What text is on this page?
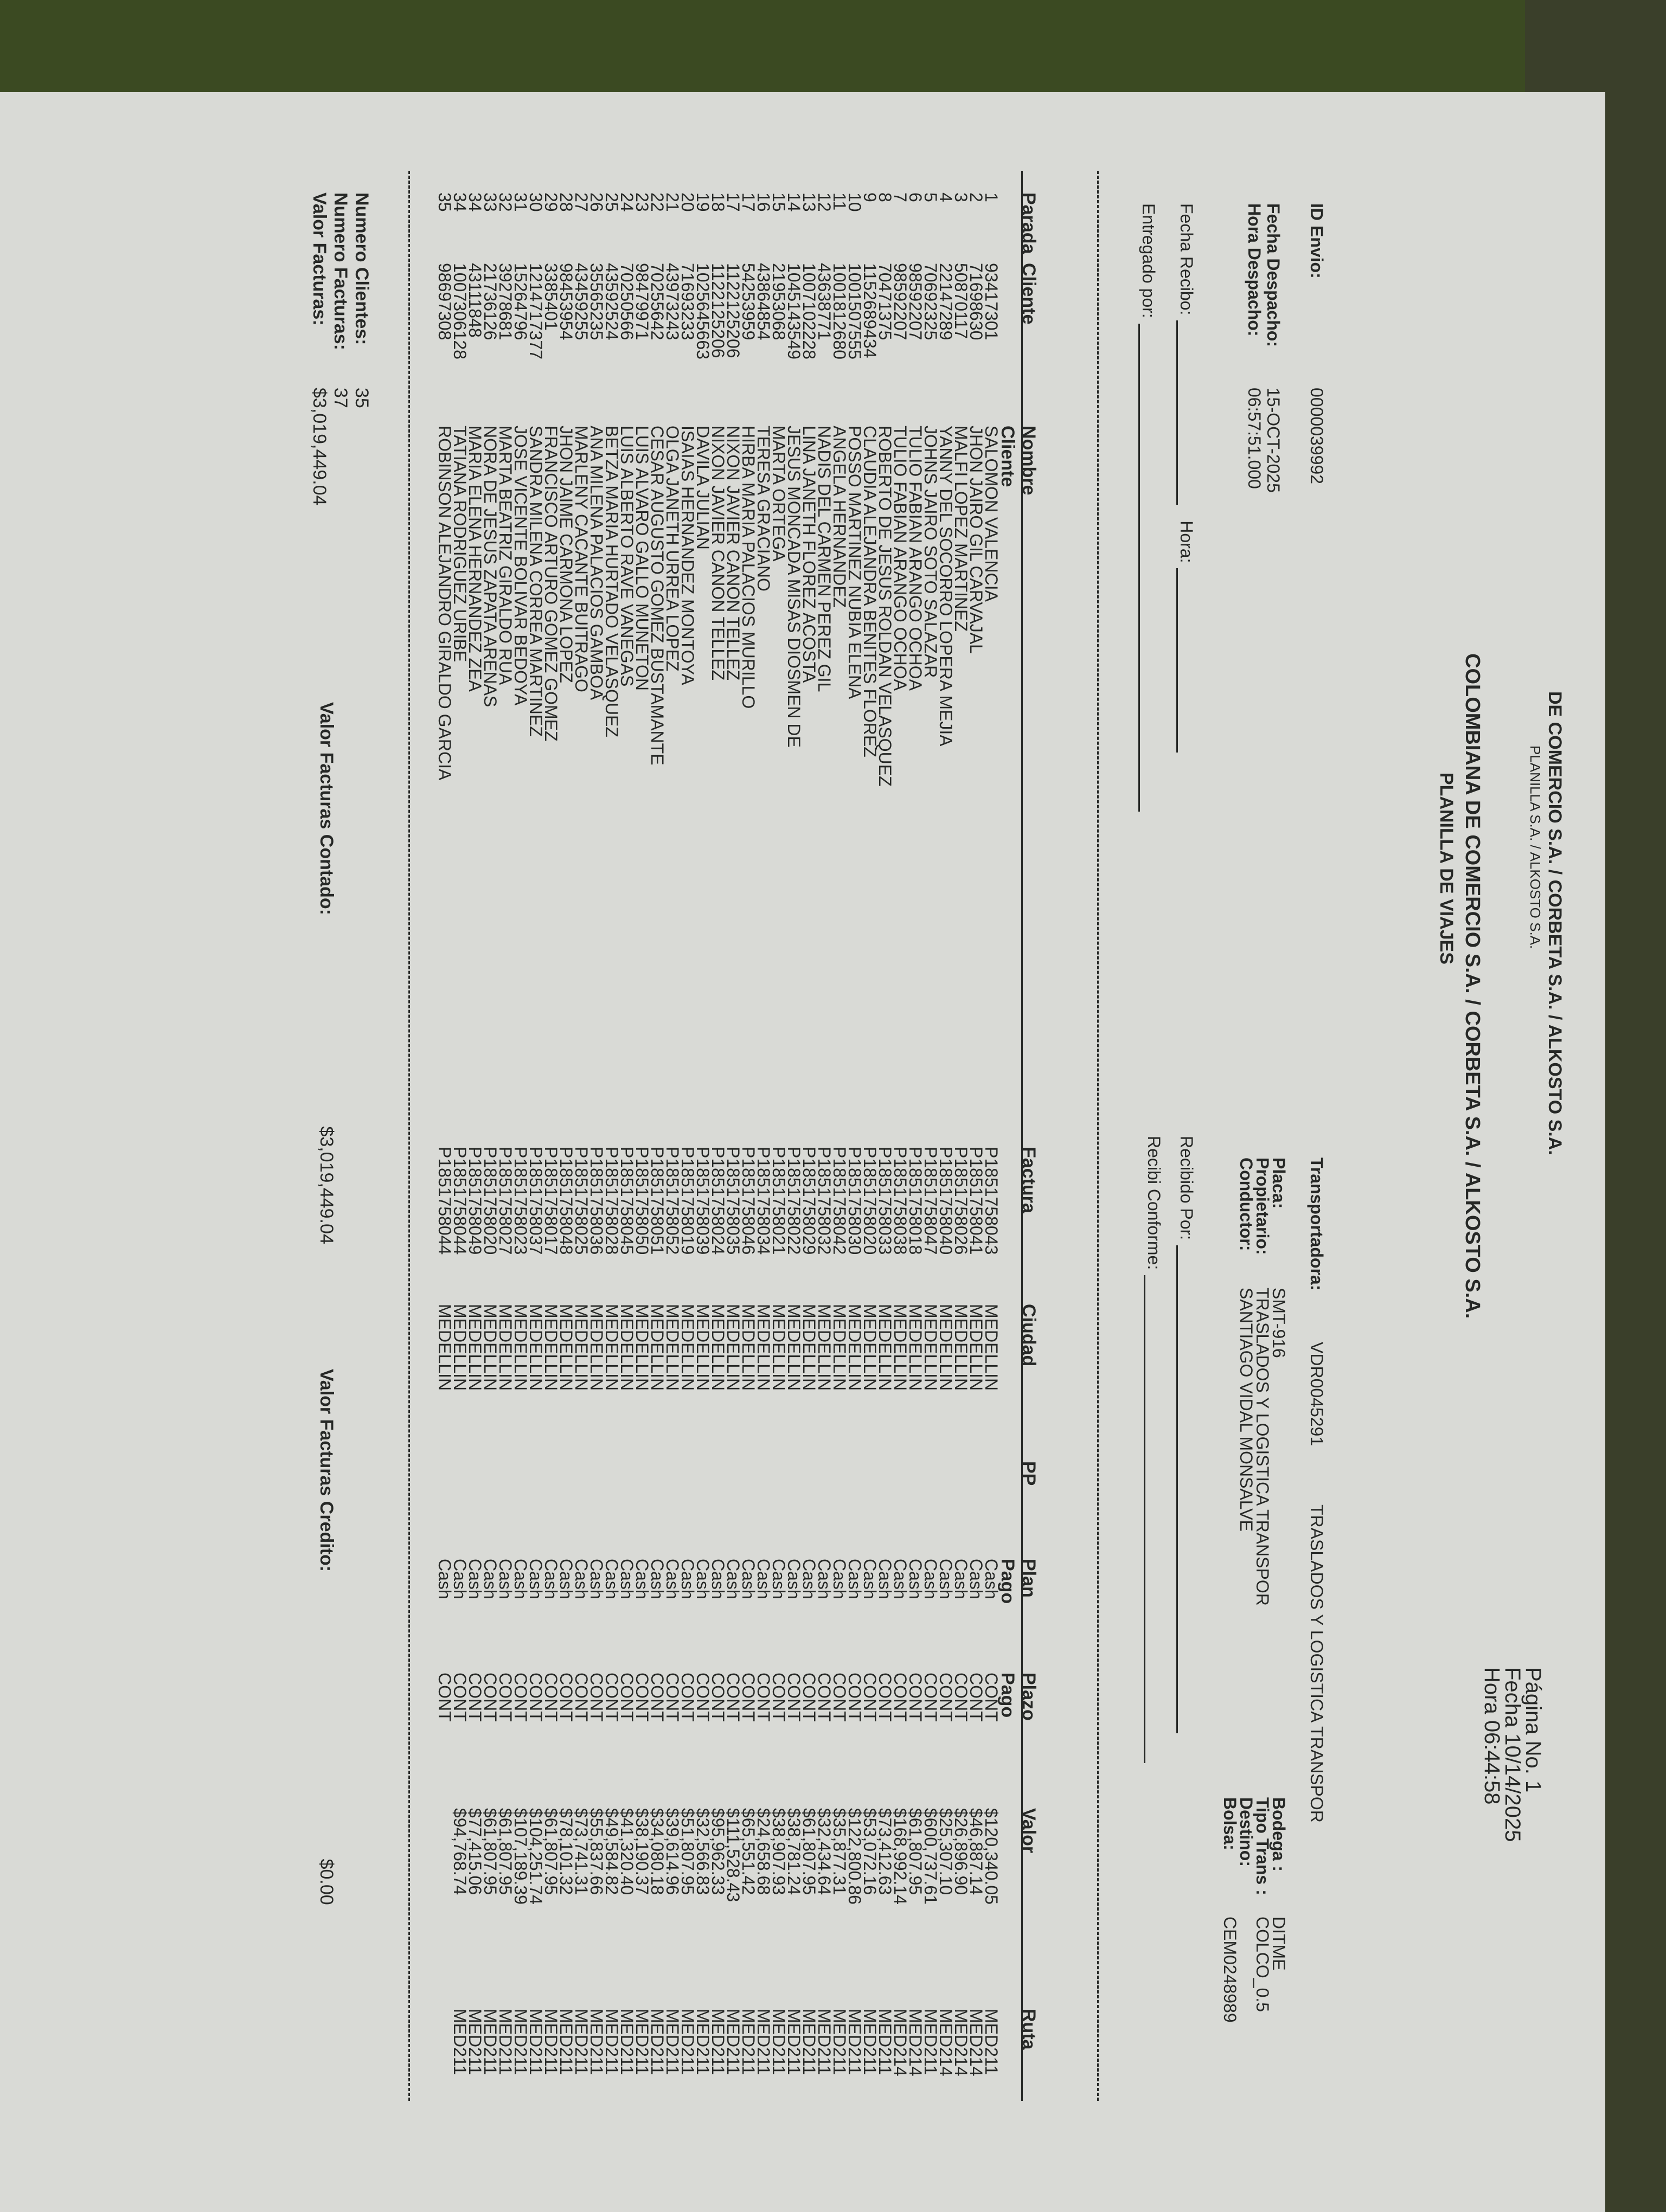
DE COMERCIO S.A. / CORBETA S.A. / ALKOSTO S.A.
PLANILLA S.A. / ALKOSTO S.A.
COLOMBIANA DE COMERCIO S.A. / CORBETA S.A. / ALKOSTO S.A.
PLANILLA DE VIAJES
Página No. 1
Fecha 10/14/2025
Hora 06:44:58
ID Envio:
0000039992
Fecha Despacho:
15-OCT-2025
Hora Despacho:
06:57:51.000
Transportadora:
VDR0045291
TRASLADOS Y LOGISTICA TRANSPOR
Placa:
SMT-916
Propietario:
TRASLADOS Y LOGISTICA TRANSPOR
Conductor:
SANTIAGO VIDAL MONSALVE
Bodega :
DITME
Tipo Trans :
COLCO_0.5
Destino:
Bolsa:
CEM0248989
Fecha Recibo: Hora:
Entregado por:
Recibido Por:
Recibi Conforme:
Parada
Cliente
Nombre Cliente
Factura
Ciudad
PP
Plan Pago
Plazo Pago
Valor
Ruta
1
93417301
SALOMON VALENCIA
P1851758043
MEDELLIN
Cash
CONT
$120,340.05
MED211
2
71698630
JHON JAIRO GIL CARVAJAL
P1851758041
MEDELLIN
Cash
CONT
$46,887.14
MED214
3
50870117
MALFI LOPEZ MARTINEZ
P1851758026
MEDELLIN
Cash
CONT
$26,896.90
MED214
4
22147289
YANNY DEL SOCORRO LOPERA MEJIA
P1851758040
MEDELLIN
Cash
CONT
$25,307.10
MED214
5
70692325
JOHNS JAIRO SOTO SALAZAR
P1851758047
MEDELLIN
Cash
CONT
$600,737.61
MED211
6
98592207
TULIO FABIAN ARANGO OCHOA
P1851758018
MEDELLIN
Cash
CONT
$61,807.95
MED214
7
98592207
TULIO FABIAN ARANGO OCHOA
P1851758038
MEDELLIN
Cash
CONT
$168,992.14
MED214
8
70471375
ROBERTO DE JESUS ROLDAN VELASQUEZ
P1851758033
MEDELLIN
Cash
CONT
$73,412.63
MED211
9
1152689434
CLAUDIA ALEJANDRA BENITES FLOREZ
P1851758020
MEDELLIN
Cash
CONT
$53,072.16
MED211
10
1001507555
POSSO MARTINEZ NUBIA ELENA
P1851758030
MEDELLIN
Cash
CONT
$122,800.86
MED211
11
1001812680
ANGELA HERNANDEZ
P1851758042
MEDELLIN
Cash
CONT
$35,877.31
MED211
12
43638771
NADIS DEL CARMEN PEREZ GIL
P1851758032
MEDELLIN
Cash
CONT
$32,434.64
MED211
13
1007102228
LINA JANETH FLOREZ ACOSTA
P1851758029
MEDELLIN
Cash
CONT
$61,807.95
MED211
14
1045143549
JESUS MONCADA MISAS DIOSMEN DE
P1851758022
MEDELLIN
Cash
CONT
$38,781.24
MED211
15
21953068
MARTA ORTEGA
P1851758021
MEDELLIN
Cash
CONT
$38,907.93
MED211
16
43864854
TERESA GRACIANO
P1851758034
MEDELLIN
Cash
CONT
$24,658.68
MED211
17
54253959
HIRBA MARIA PALACIOS MURILLO
P1851758046
MEDELLIN
Cash
CONT
$65,551.42
MED211
17
1122125206
NIXON JAVIER CANON TELLEZ
P1851758035
MEDELLIN
Cash
CONT
$111,528.43
MED211
18
1122125206
NIXON JAVIER CANON TELLEZ
P1851758024
MEDELLIN
Cash
CONT
$95,962.33
MED211
19
1025645663
DAVILA JULIAN
P1851758039
MEDELLIN
Cash
CONT
$32,566.83
MED211
20
71693233
ISAIAS HERNANDEZ MONTOYA
P1851758019
MEDELLIN
Cash
CONT
$51,807.95
MED211
21
43973243
OLGA JANETH URREA LOPEZ
P1851758052
MEDELLIN
Cash
CONT
$39,614.96
MED211
22
70255642
CESAR AUGUSTO GOMEZ BUSTAMANTE
P1851758051
MEDELLIN
Cash
CONT
$34,080.18
MED211
23
98479971
LUIS ALVARO GALLO MUNETON
P1851758050
MEDELLIN
Cash
CONT
$38,190.37
MED211
24
70250566
LUIS ALBERTO RAVE VANEGAS
P1851758045
MEDELLIN
Cash
CONT
$41,320.40
MED211
25
43592524
BETZA MARIA HURTADO VELASQUEZ
P1851758028
MEDELLIN
Cash
CONT
$49,584.82
MED211
26
35565235
ANA MILENA PALACIOS GAMBOA
P1851758036
MEDELLIN
Cash
CONT
$55,837.66
MED211
27
43459255
MARLENY CACANTE BUITRAGO
P1851758025
MEDELLIN
Cash
CONT
$73,741.31
MED211
28
98453954
JHON JAIME CARMONA LOPEZ
P1851758048
MEDELLIN
Cash
CONT
$78,101.32
MED211
29
3385401
FRANCISCO ARTURO GOMEZ GOMEZ
P1851758017
MEDELLIN
Cash
CONT
$61,807.95
MED211
30
1214717377
SANDRA MILENA CORREA MARTINEZ
P1851758037
MEDELLIN
Cash
CONT
$104,251.74
MED211
31
15264796
JOSE VICENTE BOLIVAR BEDOYA
P1851758023
MEDELLIN
Cash
CONT
$107,189.39
MED211
32
39278681
MARTA BEATRIZ GIRALDO RUA
P1851758027
MEDELLIN
Cash
CONT
$61,807.95
MED211
33
21736126
NORA DE JESUS ZAPATA ARENAS
P1851758020
MEDELLIN
Cash
CONT
$61,807.95
MED211
34
43111848
MARIA ELENA HERNANDEZ ZEA
P1851758049
MEDELLIN
Cash
CONT
$77,415.06
MED211
34
1007306128
TATIANA RODRIGUEZ URIBE
P1851758044
MEDELLIN
Cash
CONT
$94,768.74
MED211
35
98697308
ROBINSON ALEJANDRO GIRALDO GARCIA
P1851758044
MEDELLIN
Cash
CONT
Numero Clientes:
35
Numero Facturas:
37
Valor Facturas:
$3,019,449.04
Valor Facturas Contado: $3,019,449.04
Valor Facturas Credito: $0.00
